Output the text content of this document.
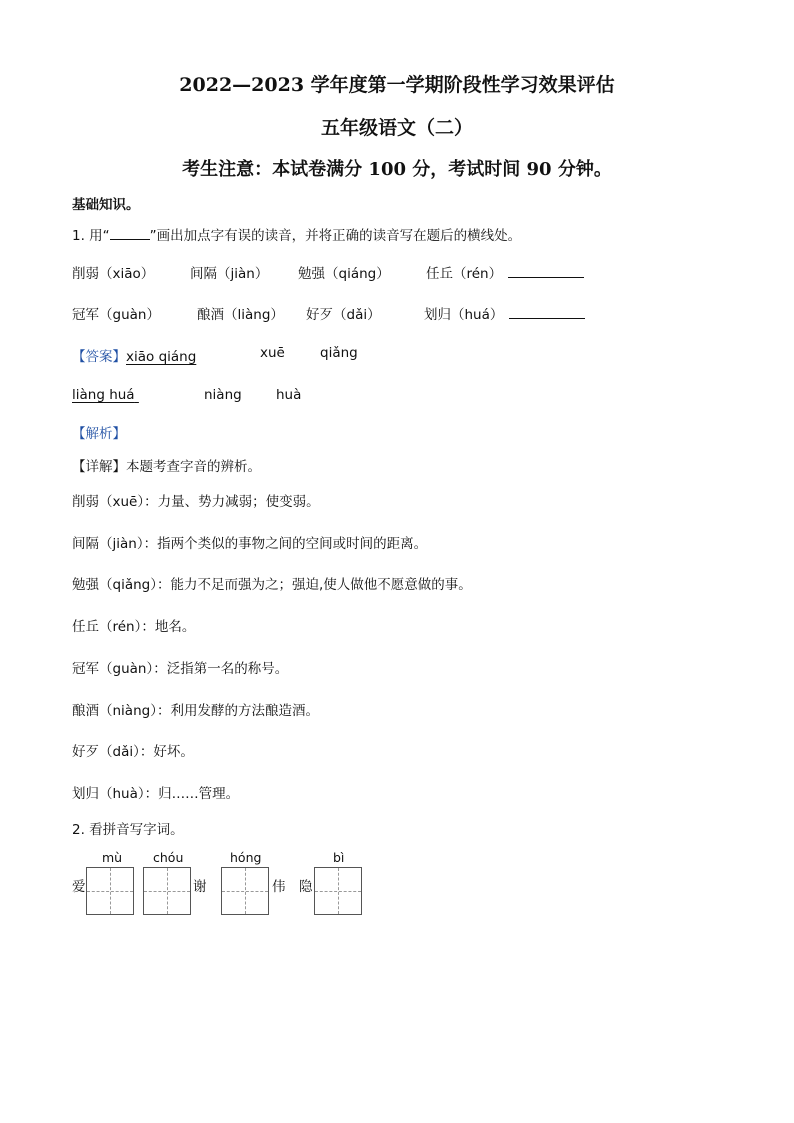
2022—2023 学年度第一学期阶段性学习效果评估
五年级语文（二）
考生注意：本试卷满分 100 分，考试时间 90 分钟。
基础知识。
1. 用“	”画出加点字有误的读音，并将正确的读音写在题后的横线处。
削弱（xiāo）	间隔（jiàn） 勉强（qiáng）	任丘（rén）
冠军（guàn）	酿酒（liàng） 好歹（dǎi）	划归（huá）
【答案】xiāo qiáng	xuē	qiǎng
liàng huá	niàng	huà
【解析】
【详解】本题考查字音的辨析。
削弱（xuē）：力量、势力减弱；使变弱。
间隔（jiàn）：指两个类似的事物之间的空间或时间的距离。
勉强（qiǎng）：能力不足而强为之；强迫,使人做他不愿意做的事。
任丘（rén）：地名。
冠军（guàn）：泛指第一名的称号。
酿酒（niàng）：利用发酵的方法酿造酒。
好歹（dǎi）：好坏。
划归（huà）：归……管理。
2. 看拼音写字词。
mù chóu	hóng	bì
爱	谢	伟 隐
